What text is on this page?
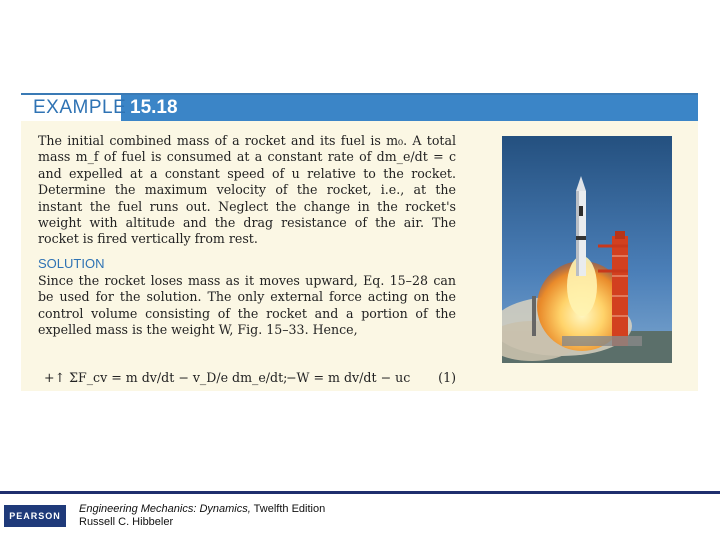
EXAMPLE 15.18
The initial combined mass of a rocket and its fuel is m₀. A total mass m_f of fuel is consumed at a constant rate of dm_e/dt = c and expelled at a constant speed of u relative to the rocket. Determine the maximum velocity of the rocket, i.e., at the instant the fuel runs out. Neglect the change in the rocket's weight with altitude and the drag resistance of the air. The rocket is fired vertically from rest.
SOLUTION
Since the rocket loses mass as it moves upward, Eq. 15–28 can be used for the solution. The only external force acting on the control volume consisting of the rocket and a portion of the expelled mass is the weight W, Fig. 15–33. Hence,
+↑ ΣF_cv = m dv/dt − v_D/e dm_e/dt;
−W = m dv/dt − uc (1)
PEARSON
Engineering Mechanics: Dynamics, Twelfth Edition
Russell C. Hibbeler
